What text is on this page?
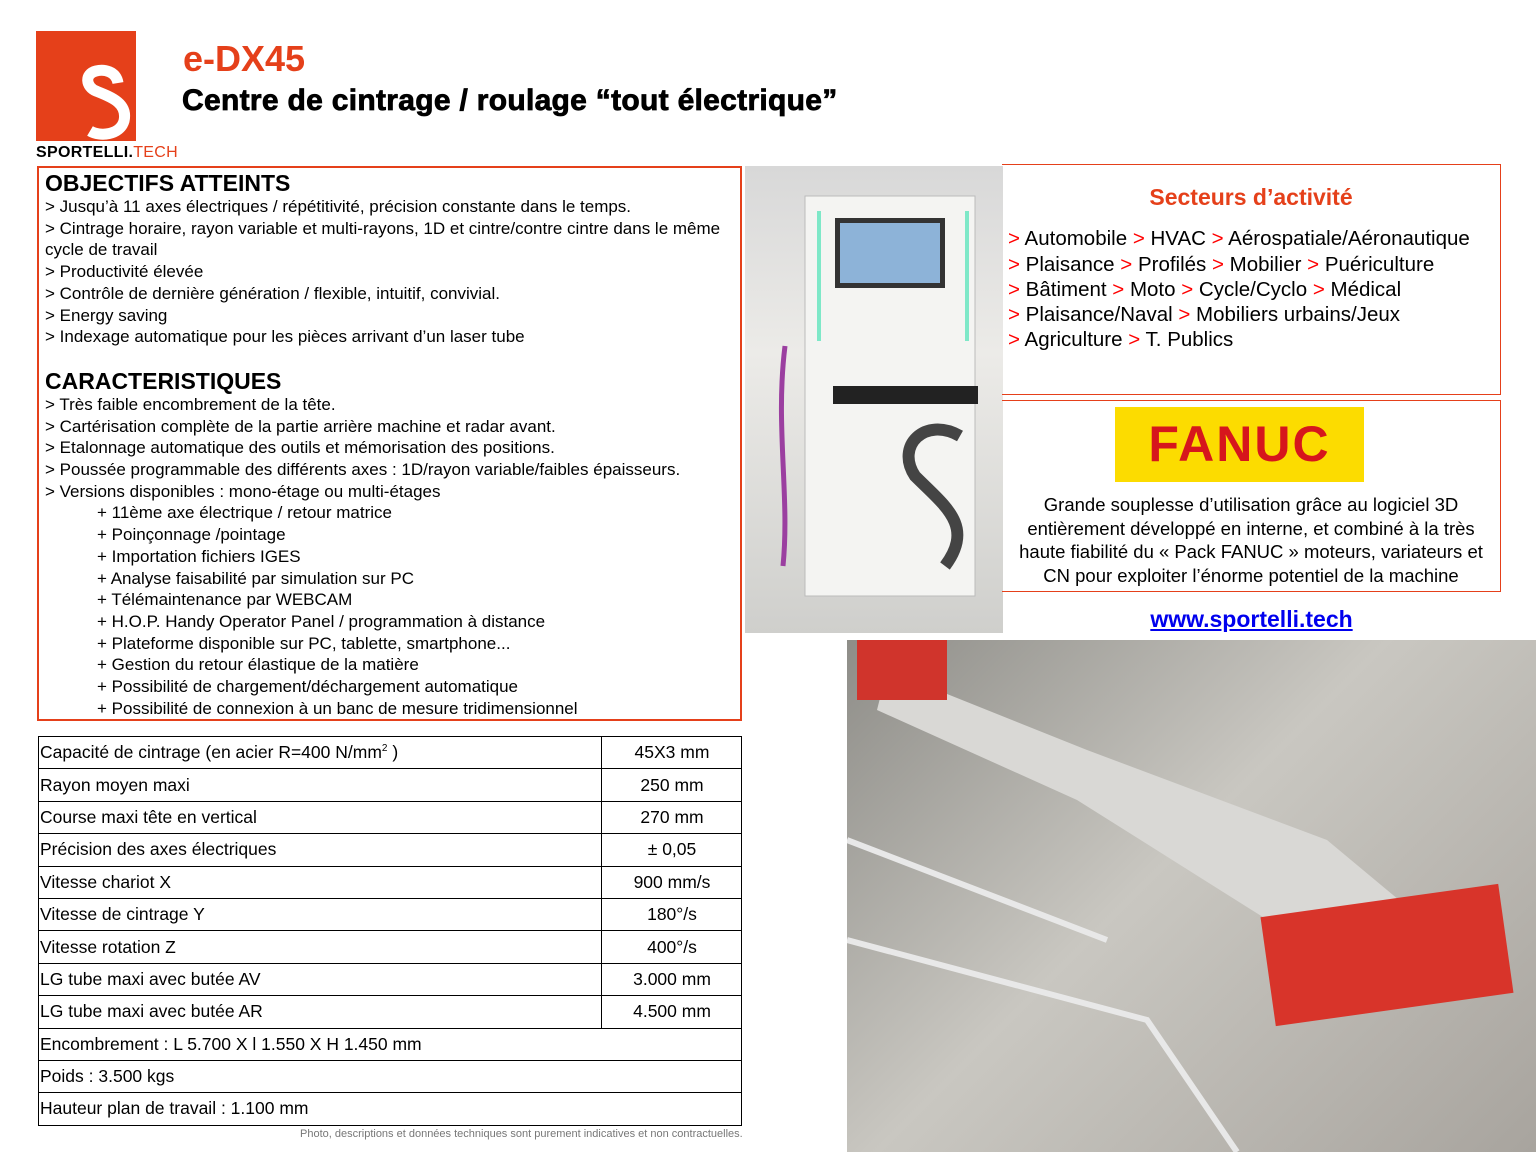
SPORTELLI.TECH
e-DX45
Centre de cintrage / roulage “tout électrique”
OBJECTIFS ATTEINTS
> Jusqu’à 11 axes électriques / répétitivité, précision constante dans le temps.
> Cintrage horaire, rayon variable et multi-rayons, 1D et cintre/contre cintre dans le même cycle de travail
> Productivité élevée
> Contrôle de dernière génération / flexible, intuitif, convivial.
> Energy saving
> Indexage automatique pour les pièces arrivant d’un laser tube
CARACTERISTIQUES
> Très faible encombrement de la tête.
> Cartérisation complète de la partie arrière machine et radar avant.
> Etalonnage automatique des outils et mémorisation des positions.
> Poussée programmable des différents axes : 1D/rayon variable/faibles épaisseurs.
> Versions disponibles : mono-étage ou multi-étages
+ 11ème axe électrique / retour matrice
+ Poinçonnage /pointage
+ Importation fichiers IGES
+ Analyse faisabilité par simulation sur PC
+ Télémaintenance par WEBCAM
+ H.O.P. Handy Operator Panel / programmation à distance
+ Plateforme disponible sur PC, tablette, smartphone...
+ Gestion du retour élastique de la matière
+ Possibilité de chargement/déchargement automatique
+ Possibilité de connexion à un banc de mesure tridimensionnel
Secteurs d’activité
> Automobile > HVAC > Aérospatiale/Aéronautique
> Plaisance > Profilés > Mobilier > Puériculture
> Bâtiment > Moto > Cycle/Cyclo > Médical
> Plaisance/Naval > Mobiliers urbains/Jeux
> Agriculture > T. Publics
FANUC
Grande souplesse d’utilisation grâce au logiciel 3D entièrement développé en interne, et combiné à la très haute fiabilité du « Pack FANUC » moteurs, variateurs et CN pour exploiter l’énorme potentiel de la machine
www.sportelli.tech
Capacité de cintrage (en acier R=400 $N/mm^2$ )	45X3 mm
Rayon moyen maxi	250 mm
Course maxi tête en vertical	270 mm
Précision des axes électriques	± 0,05
Vitesse chariot X	900 mm/s
Vitesse de cintrage Y	180°/s
Vitesse rotation Z	400°/s
LG tube maxi avec butée AV	3.000 mm
LG tube maxi avec butée AR	4.500 mm
Encombrement : L 5.700 X l 1.550 X H 1.450 mm	
Poids : 3.500 kgs	
Hauteur plan de travail : 1.100 mm	
Photo, descriptions et données techniques sont purement indicatives et non contractuelles.
